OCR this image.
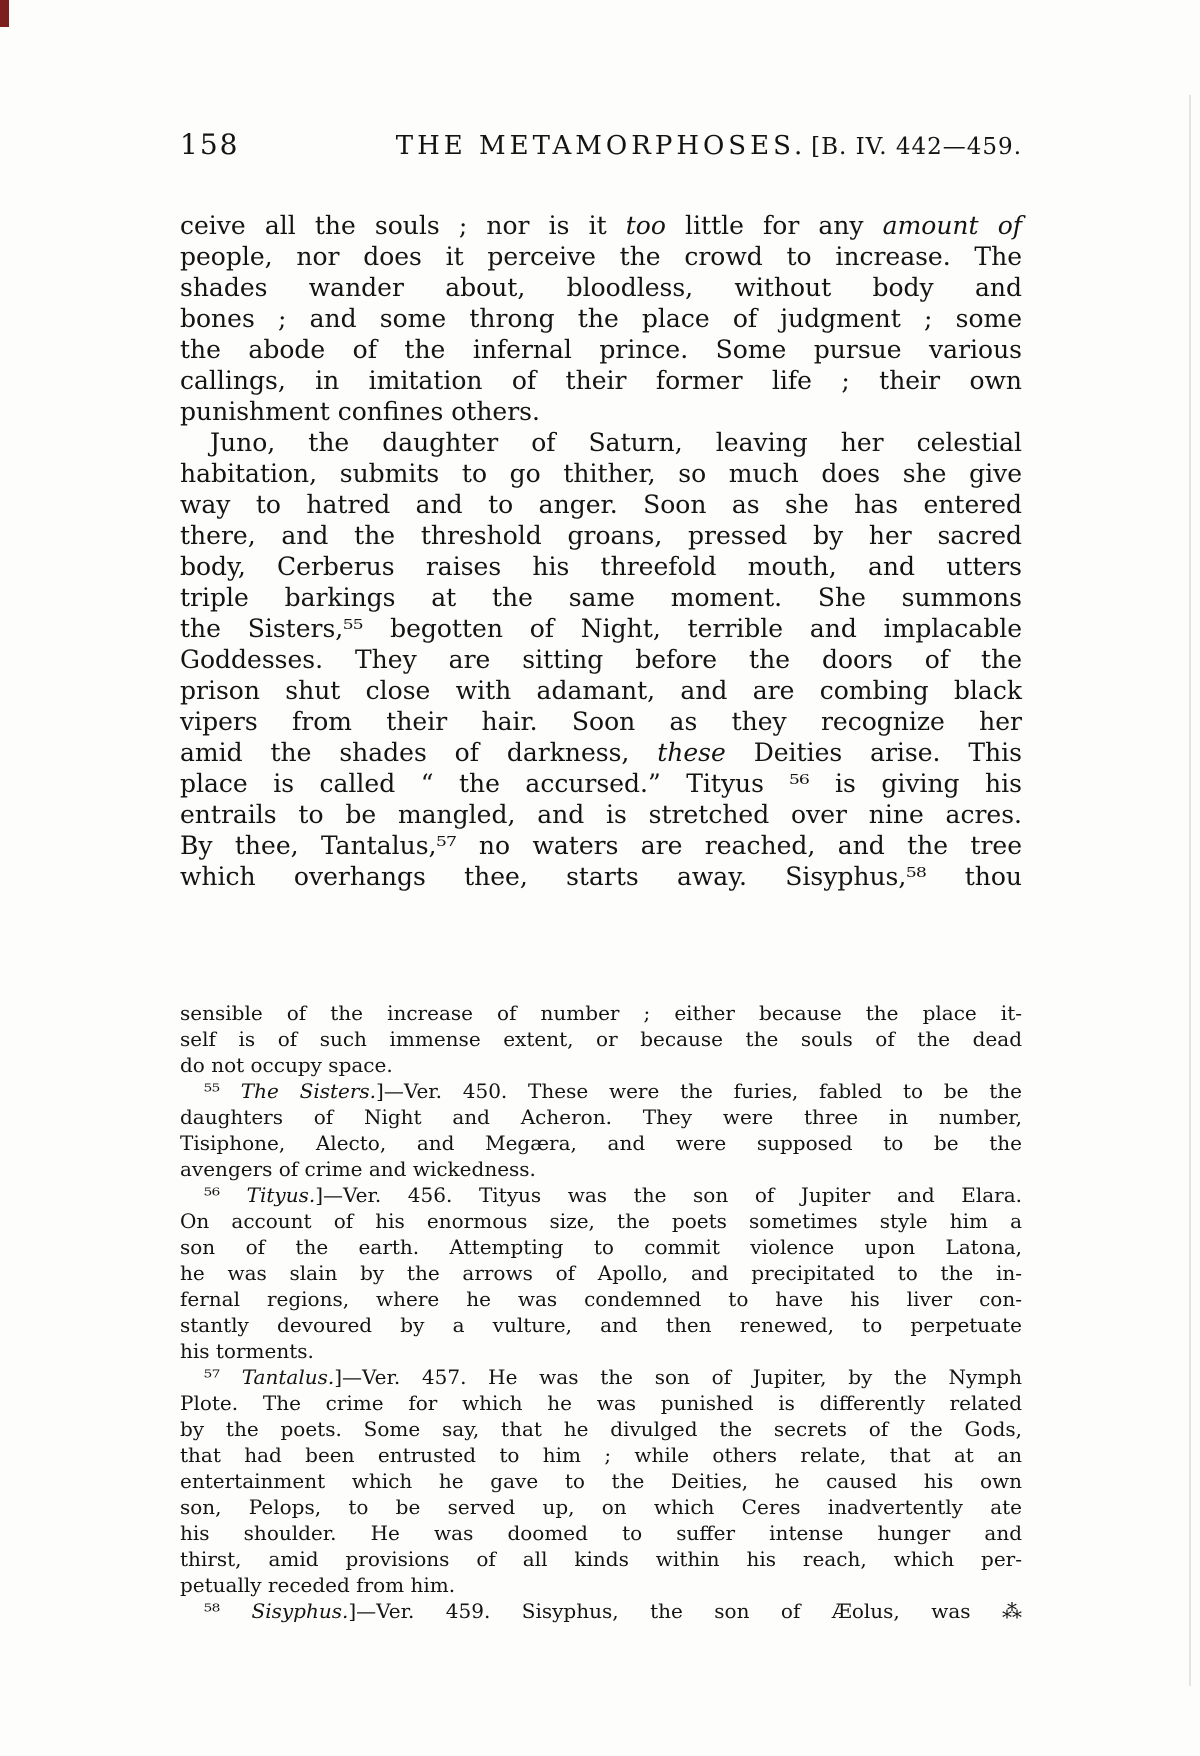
158	THE METAMORPHOSES. [B. IV. 442—459.
ceive all the souls ; nor is it too little for any amount of
people, nor does it perceive the crowd to increase. The
shades wander about, bloodless, without body and
bones ; and some throng the place of judgment ; some
the abode of the infernal prince. Some pursue various
callings, in imitation of their former life ; their own
punishment confines others.
Juno, the daughter of Saturn, leaving her celestial
habitation, submits to go thither, so much does she give
way to hatred and to anger. Soon as she has entered
there, and the threshold groans, pressed by her sacred
body, Cerberus raises his threefold mouth, and utters
triple barkings at the same moment. She summons
the Sisters,⁵⁵ begotten of Night, terrible and implacable
Goddesses. They are sitting before the doors of the
prison shut close with adamant, and are combing black
vipers from their hair. Soon as they recognize her
amid the shades of darkness, these Deities arise. This
place is called “ the accursed.” Tityus ⁵⁶ is giving his
entrails to be mangled, and is stretched over nine acres.
By thee, Tantalus,⁵⁷ no waters are reached, and the tree
which overhangs thee, starts away. Sisyphus,⁵⁸ thou
sensible of the increase of number ; either because the place it-
self is of such immense extent, or because the souls of the dead
do not occupy space.
⁵⁵ The Sisters.]—Ver. 450. These were the furies, fabled to be the
daughters of Night and Acheron. They were three in number,
Tisiphone, Alecto, and Megæra, and were supposed to be the
avengers of crime and wickedness.
⁵⁶ Tityus.]—Ver. 456. Tityus was the son of Jupiter and Elara.
On account of his enormous size, the poets sometimes style him a
son of the earth. Attempting to commit violence upon Latona,
he was slain by the arrows of Apollo, and precipitated to the in-
fernal regions, where he was condemned to have his liver con-
stantly devoured by a vulture, and then renewed, to perpetuate
his torments.
⁵⁷ Tantalus.]—Ver. 457. He was the son of Jupiter, by the Nymph
Plote. The crime for which he was punished is differently related
by the poets. Some say, that he divulged the secrets of the Gods,
that had been entrusted to him ; while others relate, that at an
entertainment which he gave to the Deities, he caused his own
son, Pelops, to be served up, on which Ceres inadvertently ate
his shoulder. He was doomed to suffer intense hunger and
thirst, amid provisions of all kinds within his reach, which per-
petually receded from him.
⁵⁸ Sisyphus.]—Ver. 459. Sisyphus, the son of Æolus, was ⁂
